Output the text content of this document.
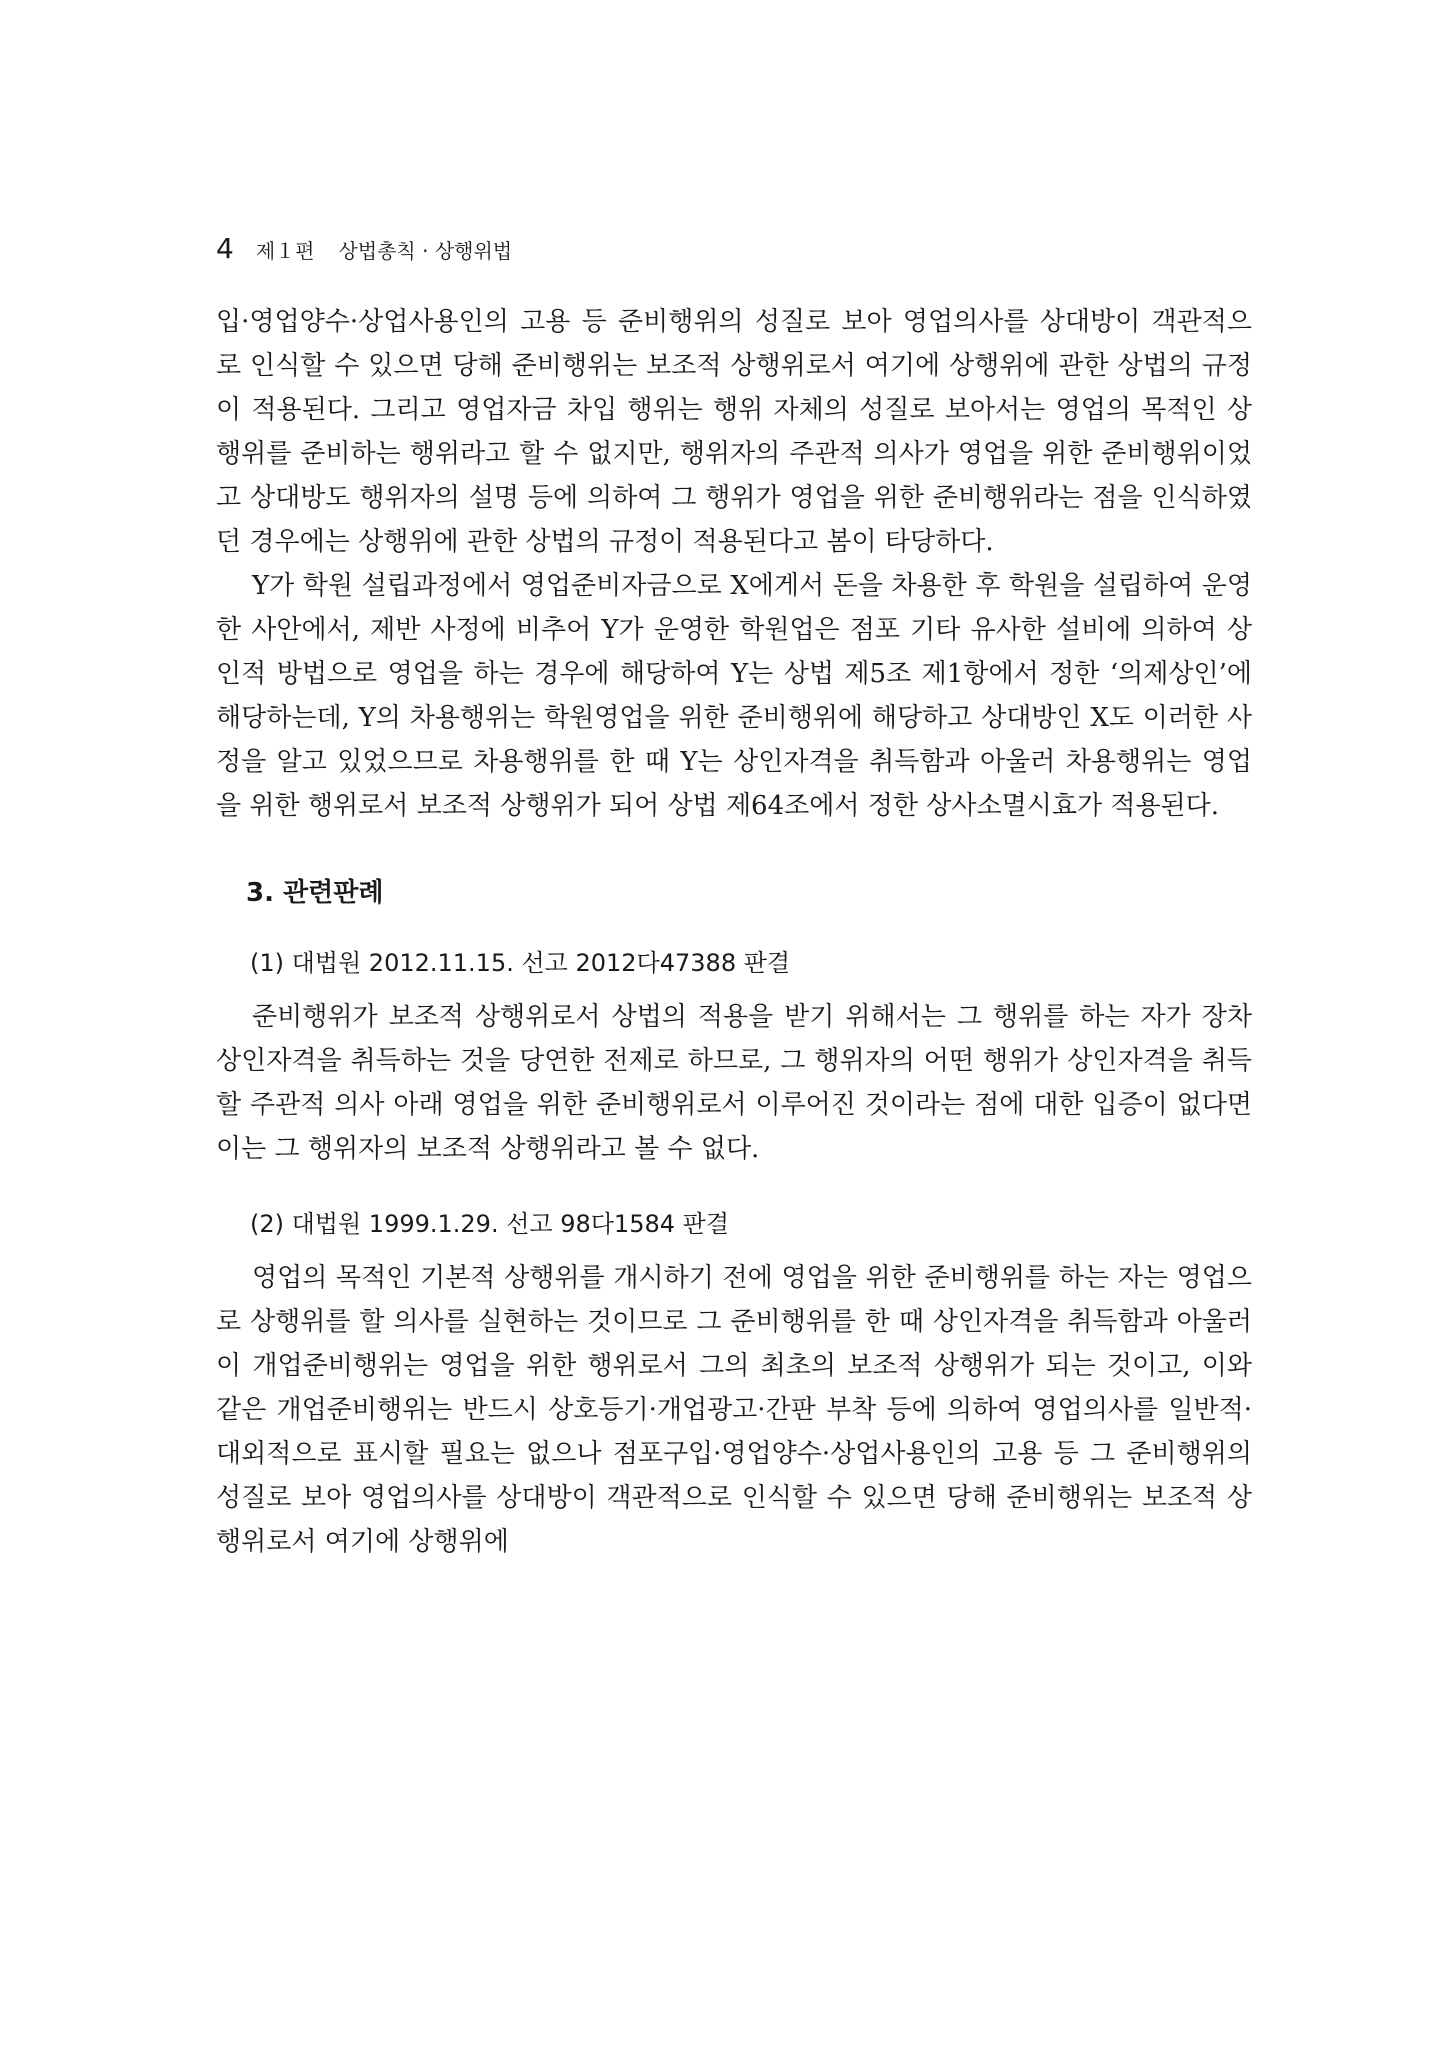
4 제１편 상법총칙 · 상행위법

입·영업양수·상업사용인의 고용 등 준비행위의 성질로 보아 영업의사를 상대방이 객관적으로 인식할 수 있으면 당해 준비행위는 보조적 상행위로서 여기에 상행위에 관한 상법의 규정이 적용된다. 그리고 영업자금 차입 행위는 행위 자체의 성질로 보아서는 영업의 목적인 상행위를 준비하는 행위라고 할 수 없지만, 행위자의 주관적 의사가 영업을 위한 준비행위이었고 상대방도 행위자의 설명 등에 의하여 그 행위가 영업을 위한 준비행위라는 점을 인식하였던 경우에는 상행위에 관한 상법의 규정이 적용된다고 봄이 타당하다.

Y가 학원 설립과정에서 영업준비자금으로 X에게서 돈을 차용한 후 학원을 설립하여 운영한 사안에서, 제반 사정에 비추어 Y가 운영한 학원업은 점포 기타 유사한 설비에 의하여 상인적 방법으로 영업을 하는 경우에 해당하여 Y는 상법 제5조 제1항에서 정한 ‘의제상인’에 해당하는데, Y의 차용행위는 학원영업을 위한 준비행위에 해당하고 상대방인 X도 이러한 사정을 알고 있었으므로 차용행위를 한 때 Y는 상인자격을 취득함과 아울러 차용행위는 영업을 위한 행위로서 보조적 상행위가 되어 상법 제64조에서 정한 상사소멸시효가 적용된다.

3. 관련판례
(1) 대법원 2012.11.15. 선고 2012다47388 판결

준비행위가 보조적 상행위로서 상법의 적용을 받기 위해서는 그 행위를 하는 자가 장차 상인자격을 취득하는 것을 당연한 전제로 하므로, 그 행위자의 어떤 행위가 상인자격을 취득할 주관적 의사 아래 영업을 위한 준비행위로서 이루어진 것이라는 점에 대한 입증이 없다면 이는 그 행위자의 보조적 상행위라고 볼 수 없다.

(2) 대법원 1999.1.29. 선고 98다1584 판결

영업의 목적인 기본적 상행위를 개시하기 전에 영업을 위한 준비행위를 하는 자는 영업으로 상행위를 할 의사를 실현하는 것이므로 그 준비행위를 한 때 상인자격을 취득함과 아울러 이 개업준비행위는 영업을 위한 행위로서 그의 최초의 보조적 상행위가 되는 것이고, 이와 같은 개업준비행위는 반드시 상호등기·개업광고·간판 부착 등에 의하여 영업의사를 일반적·대외적으로 표시할 필요는 없으나 점포구입·영업양수·상업사용인의 고용 등 그 준비행위의 성질로 보아 영업의사를 상대방이 객관적으로 인식할 수 있으면 당해 준비행위는 보조적 상행위로서 여기에 상행위에
